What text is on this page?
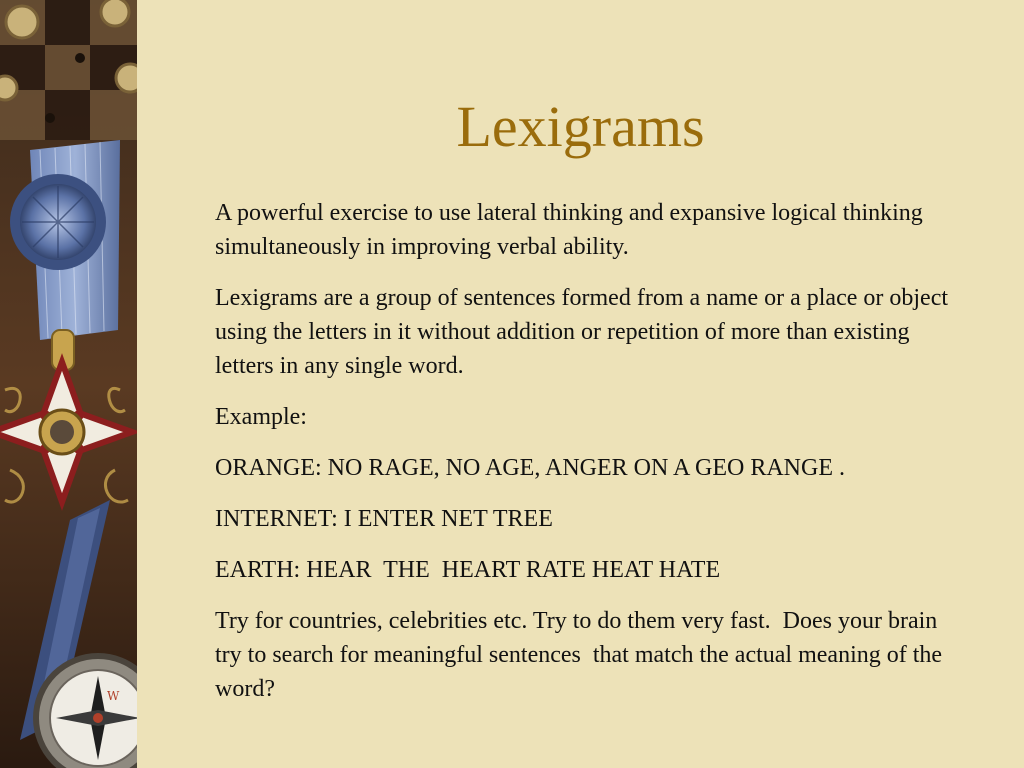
W
Lexigrams

A powerful exercise to use lateral thinking and expansive logical thinking simultaneously in improving verbal ability.

Lexigrams are a group of sentences formed from a name or a place or object using the letters in it without addition or repetition of more than existing letters in any single word.

Example:

ORANGE: NO RAGE, NO AGE, ANGER ON A GEO RANGE .

INTERNET: I ENTER NET TREE

EARTH: HEAR  THE  HEART RATE HEAT HATE

Try for countries, celebrities etc. Try to do them very fast.  Does your brain try to search for meaningful sentences  that match the actual meaning of the word?
